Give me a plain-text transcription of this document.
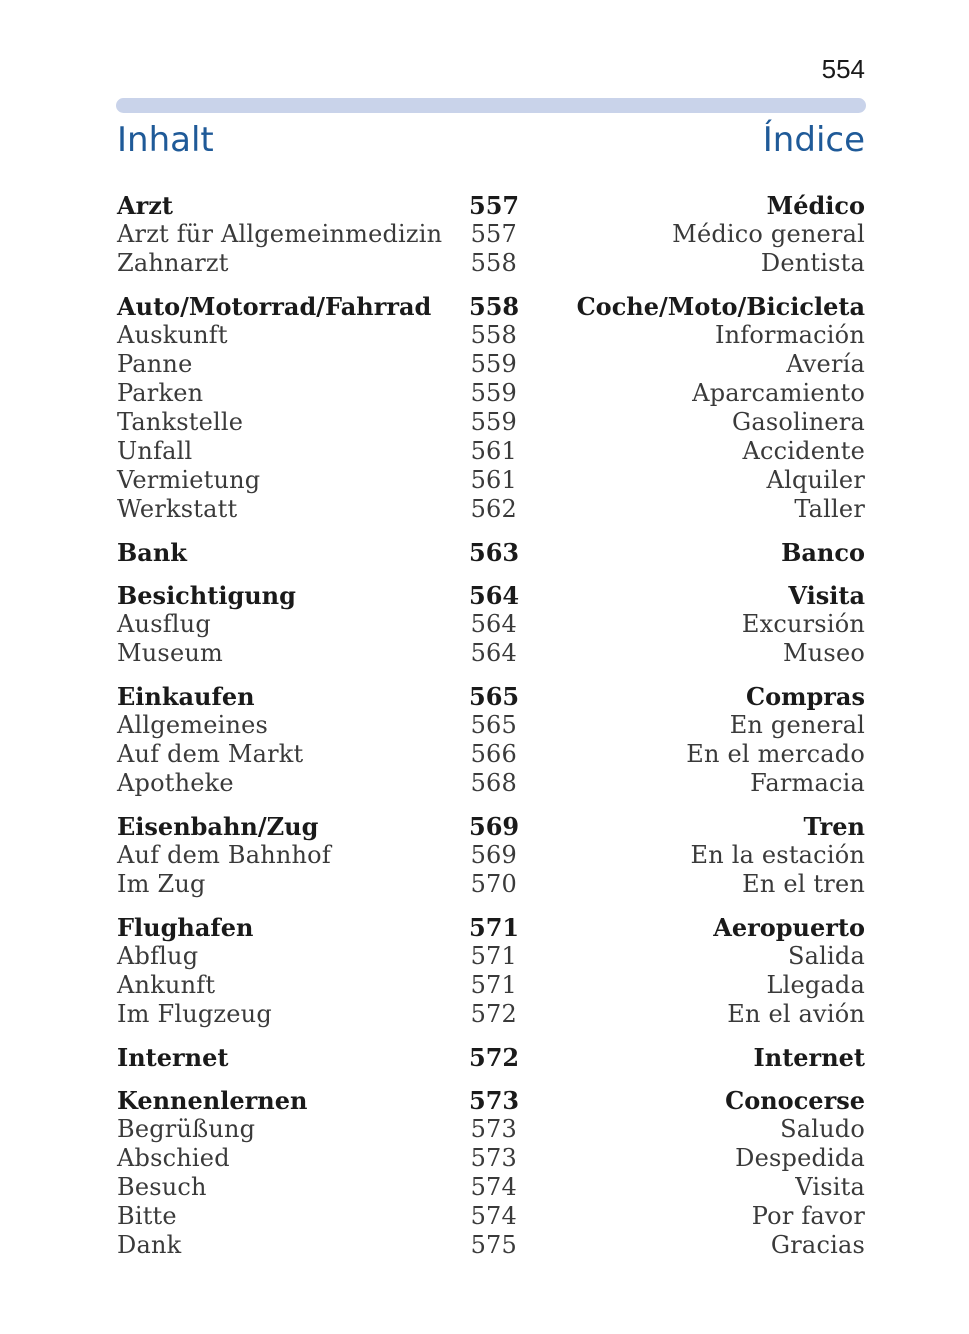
554
Inhalt	Índice
Arzt	557	Médico
Arzt für Allgemeinmedizin	557	Médico general
Zahnarzt	558	Dentista
Auto/Motorrad/Fahrrad	558	Coche/Moto/Bicicleta
Auskunft	558	Información
Panne	559	Avería
Parken	559	Aparcamiento
Tankstelle	559	Gasolinera
Unfall	561	Accidente
Vermietung	561	Alquiler
Werkstatt	562	Taller
Bank	563	Banco
Besichtigung	564	Visita
Ausflug	564	Excursión
Museum	564	Museo
Einkaufen	565	Compras
Allgemeines	565	En general
Auf dem Markt	566	En el mercado
Apotheke	568	Farmacia
Eisenbahn/Zug	569	Tren
Auf dem Bahnhof	569	En la estación
Im Zug	570	En el tren
Flughafen	571	Aeropuerto
Abflug	571	Salida
Ankunft	571	Llegada
Im Flugzeug	572	En el avión
Internet	572	Internet
Kennenlernen	573	Conocerse
Begrüßung	573	Saludo
Abschied	573	Despedida
Besuch	574	Visita
Bitte	574	Por favor
Dank	575	Gracias
